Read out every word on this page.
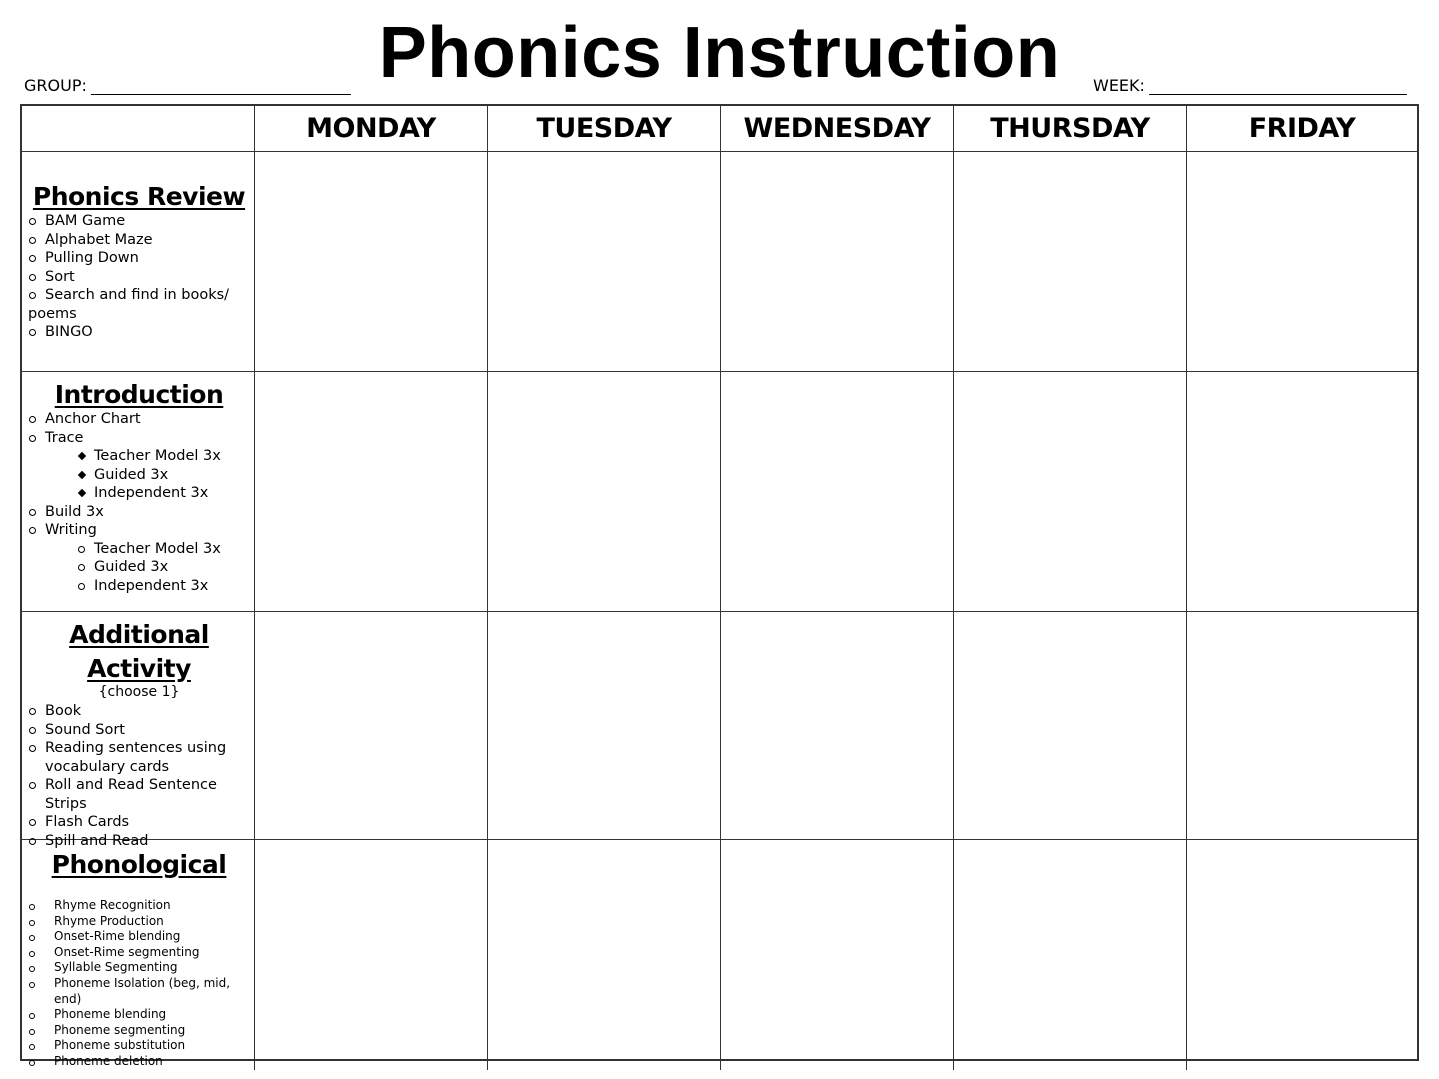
Phonics Instruction
GROUP:	WEEK:
MONDAY	TUESDAY	WEDNESDAY	THURSDAY	FRIDAY
Phonics Review
BAM Game
Alphabet Maze
Pulling Down
Sort
Search and find in books/ poems
BINGO
Introduction
Anchor Chart
Trace
Teacher Model 3x
Guided 3x
Independent 3x
Build 3x
Writing
Teacher Model 3x
Guided 3x
Independent 3x
Additional
Activity
{choose 1}
Book
Sound Sort
Reading sentences using vocabulary cards
Roll and Read Sentence Strips
Flash Cards
Spill and Read
Phonological
Rhyme Recognition
Rhyme Production
Onset-Rime blending
Onset-Rime segmenting
Syllable Segmenting
Phoneme Isolation (beg, mid, end)
Phoneme blending
Phoneme segmenting
Phoneme substitution
Phoneme deletion
